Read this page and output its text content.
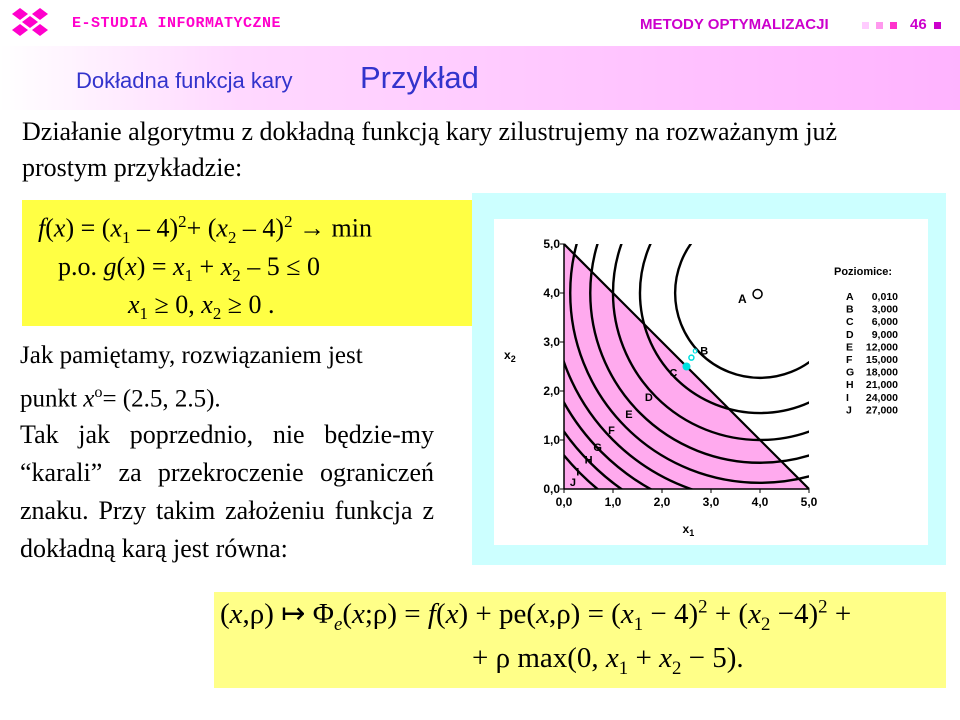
E-STUDIA INFORMATYCZNE	METODY OPTYMALIZACJI	46
Dokładna funkcja kary Przykład
Działanie algorytmu z dokładną funkcją kary zilustrujemy na rozważanym już prostym przykładzie:
$f(x) = (x_1 - 4)^2+ (x_2 - 4)^2 \to \min$
p.o. $g(x) = x_1 + x_2 - 5 \le 0$
$x_1 \ge 0$, $x_2 \ge 0$ .
0,0	1,0	2,0	3,0	4,0	5,0
0,0
1,0
2,0
3,0
4,0
5,0
$x_1$
$x_2$
A
o B
C
D
E
F
G
H
I
J
Poziomice:
A 0,010
B 3,000
C 6,000
D 9,000
E 12,000
F 15,000
G 18,000
H 21,000
I 24,000
J 27,000
Jak pamiętamy, rozwiązaniem jest punkt $x^o= (2.5$, 2.5).
Tak jak poprzednio, nie będzie-my “karali” za przekroczenie ograniczeń znaku. Przy takim założeniu funkcja z dokładną karą jest równa:
(x,ρ) ↦ $\Phi_e(x;\rho) = f(x) + pe(x,\rho) = (x_1 - 4)^2 + (x_2 -4)^2$ +
+ ρ max(0, $x_1 + x_2 - 5$).
